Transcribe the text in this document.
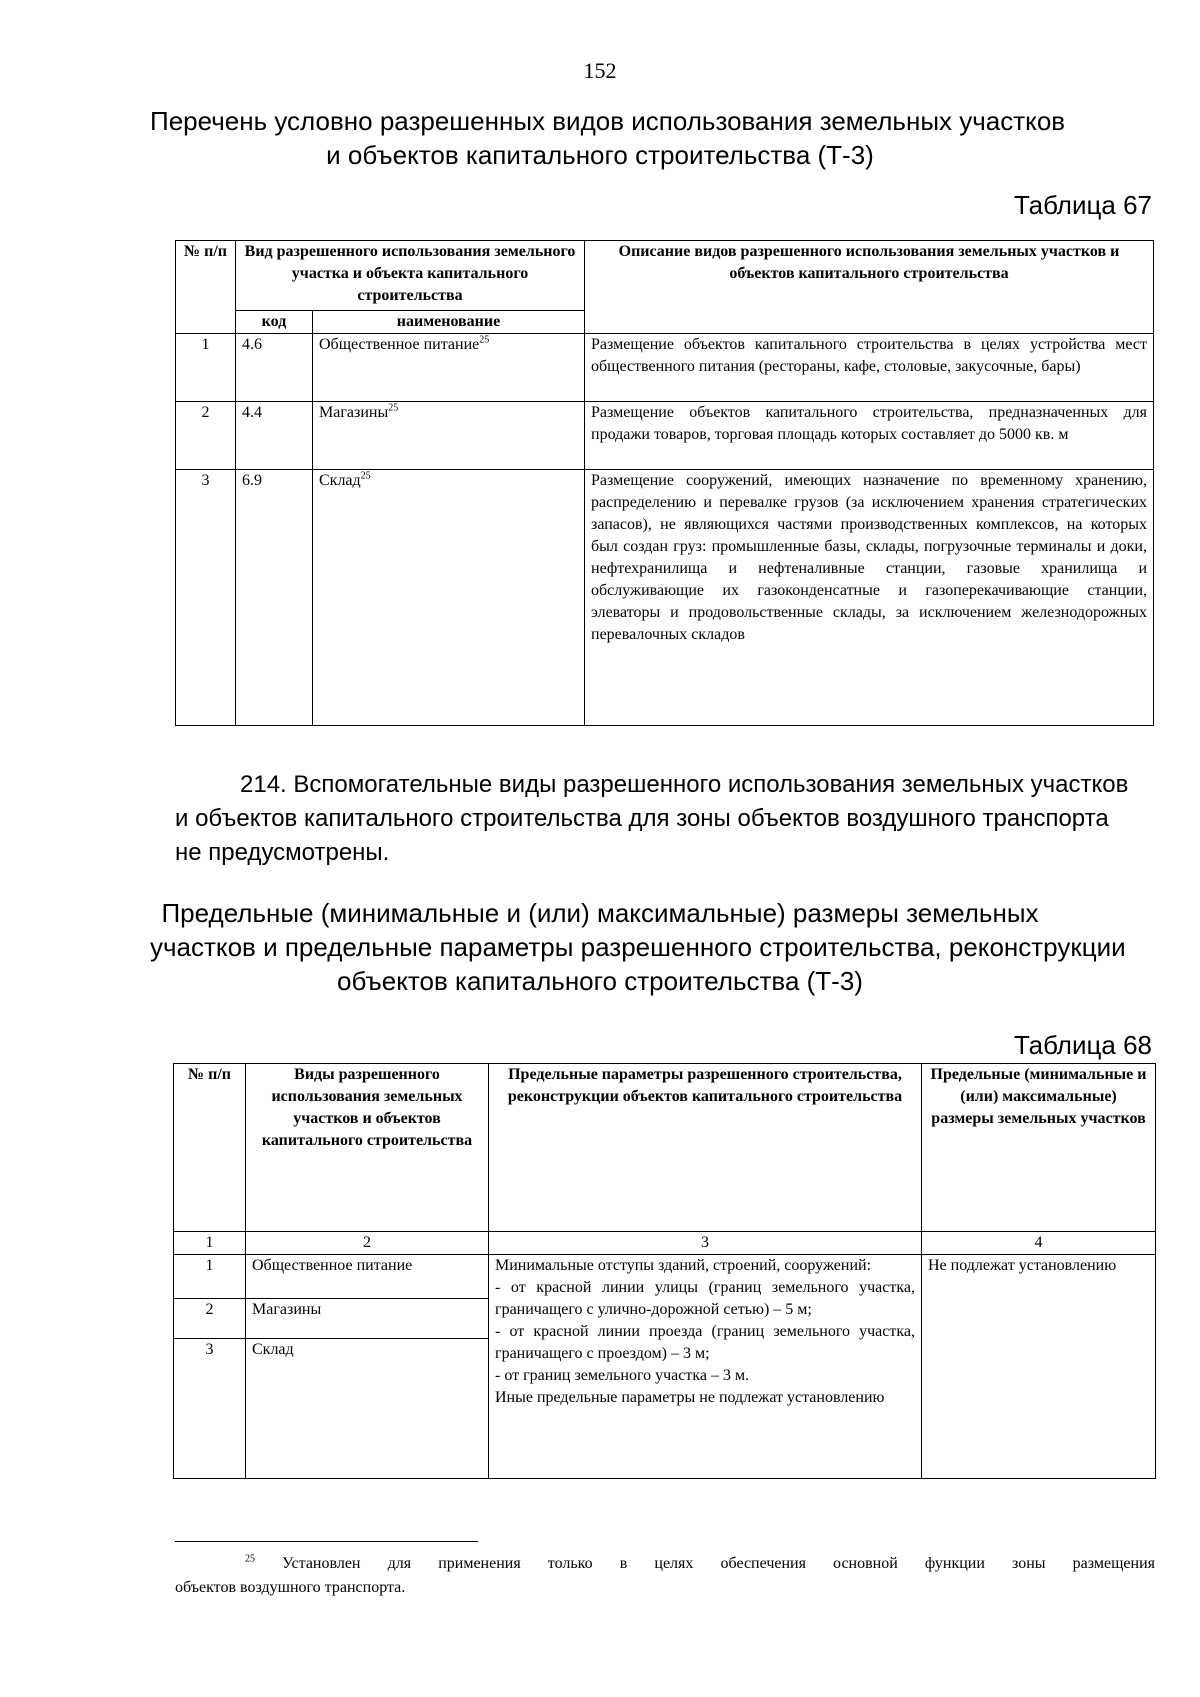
152
Перечень условно разрешенных видов использования земельных участков
и объектов капитального строительства (Т-3)
Таблица 67
№ п/п	Вид разрешенного использования земельного участка и объекта капитального строительства		Описание видов разрешенного использования земельных участков и объектов капитального строительства
	код	наименование	
1	4.6	Общественное питание$^{25}$	Размещение объектов капитального строительства в целях устройства мест общественного питания (рестораны, кафе, столовые, закусочные, бары)
2	4.4	Магазины$^{25}$	Размещение объектов капитального строительства, предназначенных для продажи товаров, торговая площадь которых составляет до 5000 кв. м
3	6.9	Склад$^{25}$	Размещение сооружений, имеющих назначение по временному хранению, распределению и перевалке грузов (за исключением хранения стратегических запасов), не являющихся частями производственных комплексов, на которых был создан груз: промышленные базы, склады, погрузочные терминалы и доки, нефтехранилища и нефтеналивные станции, газовые хранилища и обслуживающие их газоконденсатные и газоперекачивающие станции, элеваторы и продовольственные склады, за исключением железнодорожных перевалочных складов
214. Вспомогательные виды разрешенного использования земельных участков
и объектов капитального строительства для зоны объектов воздушного транспорта
не предусмотрены.
Предельные (минимальные и (или) максимальные) размеры земельных
участков и предельные параметры разрешенного строительства, реконструкции
объектов капитального строительства (Т-3)
Таблица 68
№ п/п	Виды разрешенного использования земельных участков и объектов капитального строительства	Предельные параметры разрешенного строительства, реконструкции объектов капитального строительства	Предельные (минимальные и (или) максимальные) размеры земельных участков
1	2	3	4
1	Общественное питание	Минимальные отступы зданий, строений, сооружений:
- от красной линии улицы (границ земельного участка, граничащего с улично-дорожной сетью) – 5 м;
- от красной линии проезда (границ земельного участка, граничащего с проездом) – 3 м;
- от границ земельного участка – 3 м.
Иные предельные параметры не подлежат установлению	Не подлежат установлению
2	Магазины		
3	Склад		
$^{25}$ Установлен для применения только в целях обеспечения основной функции зоны размещения
объектов воздушного транспорта.
